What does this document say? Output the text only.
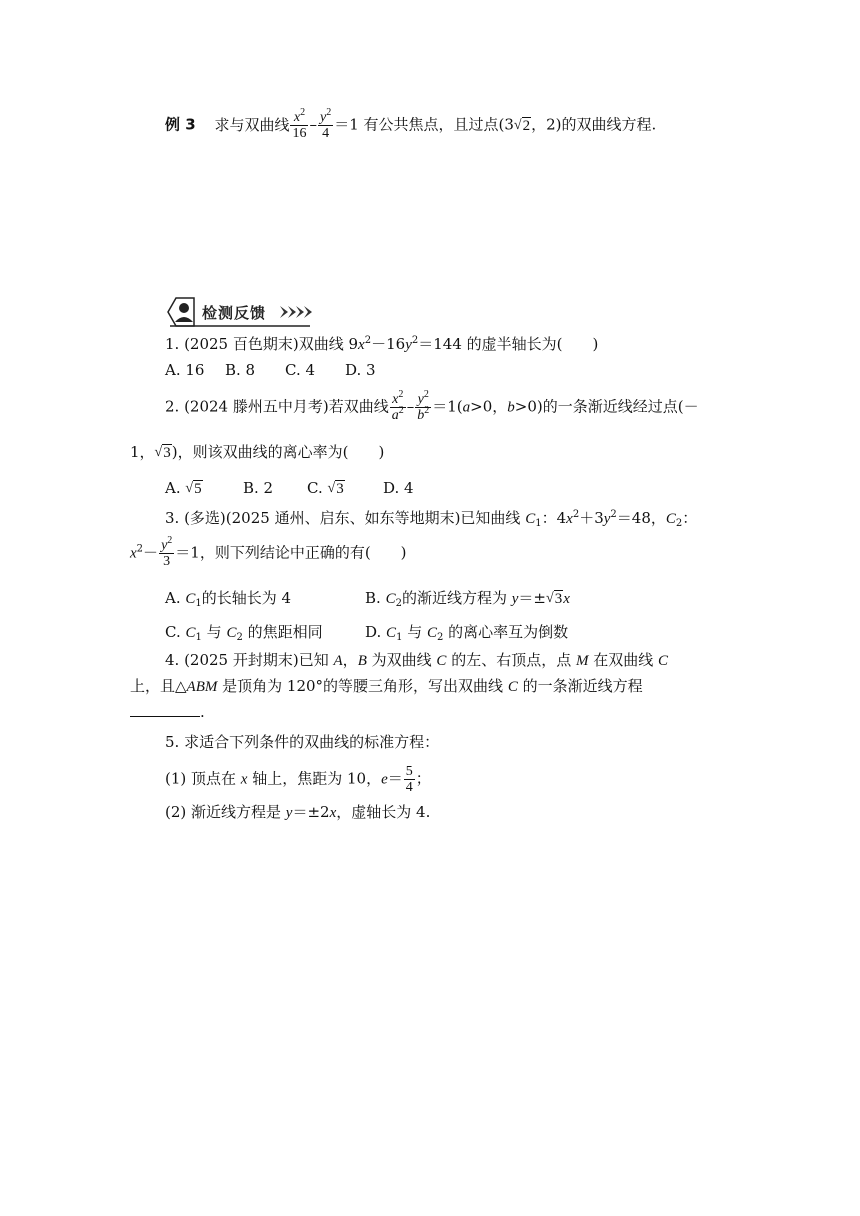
例 3 求与双曲线 $\frac{x^2}{16} - \frac{y^2}{4} =1$ 有公共焦点，且过点(3√2，2)的双曲线方程.
检测反馈
1. (2025 百色期末)双曲线 $9x^2-16y^2=144$ 的虚半轴长为(　　)
A. 16 B. 8 C. 4 D. 3
2. (2024 滕州五中月考)若双曲线 $\frac{x^2}{a^2} - \frac{y^2}{b^2} =1(a>0$，b>0)的一条渐近线经过点(－
1，√3)，则该双曲线的离心率为(　　)
A. √5	B. 2 C. √3	D. 4
3. (多选)(2025 通州、启东、如东等地期末)已知曲线 $C_1$：$4x^2+3y^2=48$，$C_2$：
$x^2- \frac{y^2}{3} =1$，则下列结论中正确的有(　　)
A. $C_1$的长轴长为 4	B. $C_2$的渐近线方程为 y＝±√3x
C. $C_1$ 与 $C_2$ 的焦距相同	D. $C_1$ 与 $C_2$ 的离心率互为倒数
4. (2025 开封期末)已知 A，B 为双曲线 C 的左、右顶点，点 M 在双曲线 C
上，且△ABM 是顶角为 120°的等腰三角形，写出双曲线 C 的一条渐近线方程
.
5. 求适合下列条件的双曲线的标准方程：
(1) 顶点在 x 轴上，焦距为 10，$e= \frac{5}{4}$ ；
(2) 渐近线方程是 y＝±2x，虚轴长为 4.
